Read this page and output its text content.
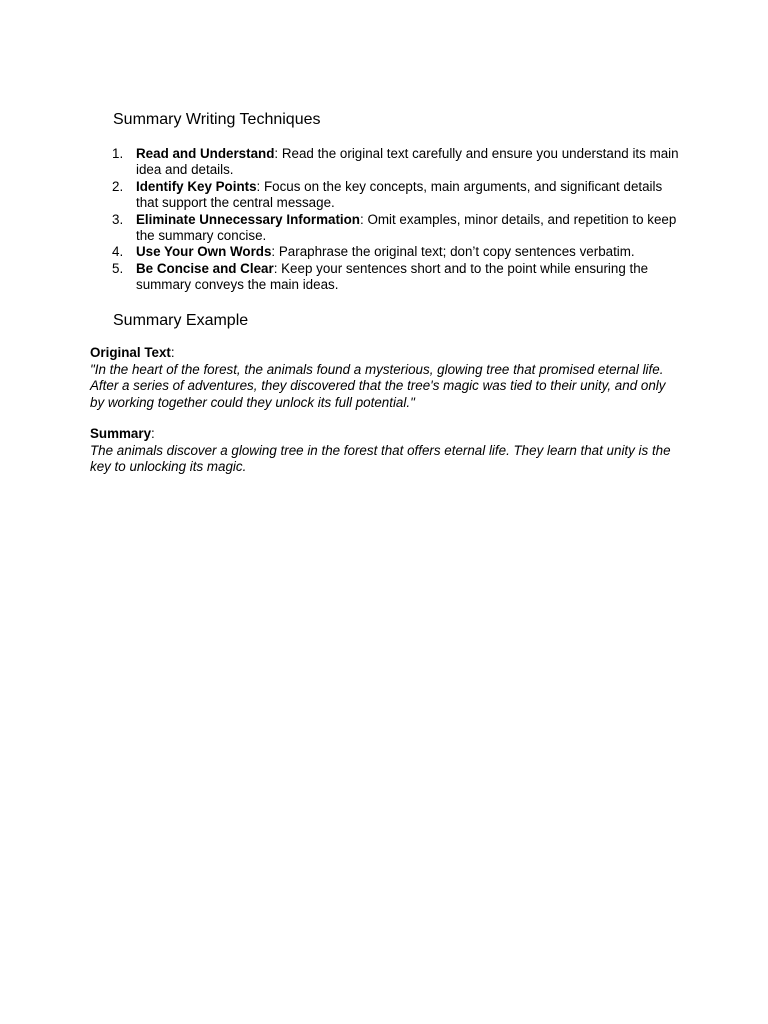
Summary Writing Techniques
1. Read and Understand: Read the original text carefully and ensure you understand its main idea and details.
2. Identify Key Points: Focus on the key concepts, main arguments, and significant details that support the central message.
3. Eliminate Unnecessary Information: Omit examples, minor details, and repetition to keep the summary concise.
4. Use Your Own Words: Paraphrase the original text; don’t copy sentences verbatim.
5. Be Concise and Clear: Keep your sentences short and to the point while ensuring the summary conveys the main ideas.
Summary Example

Original Text:
"In the heart of the forest, the animals found a mysterious, glowing tree that promised eternal life. After a series of adventures, they discovered that the tree's magic was tied to their unity, and only by working together could they unlock its full potential."

Summary:
The animals discover a glowing tree in the forest that offers eternal life. They learn that unity is the key to unlocking its magic.
